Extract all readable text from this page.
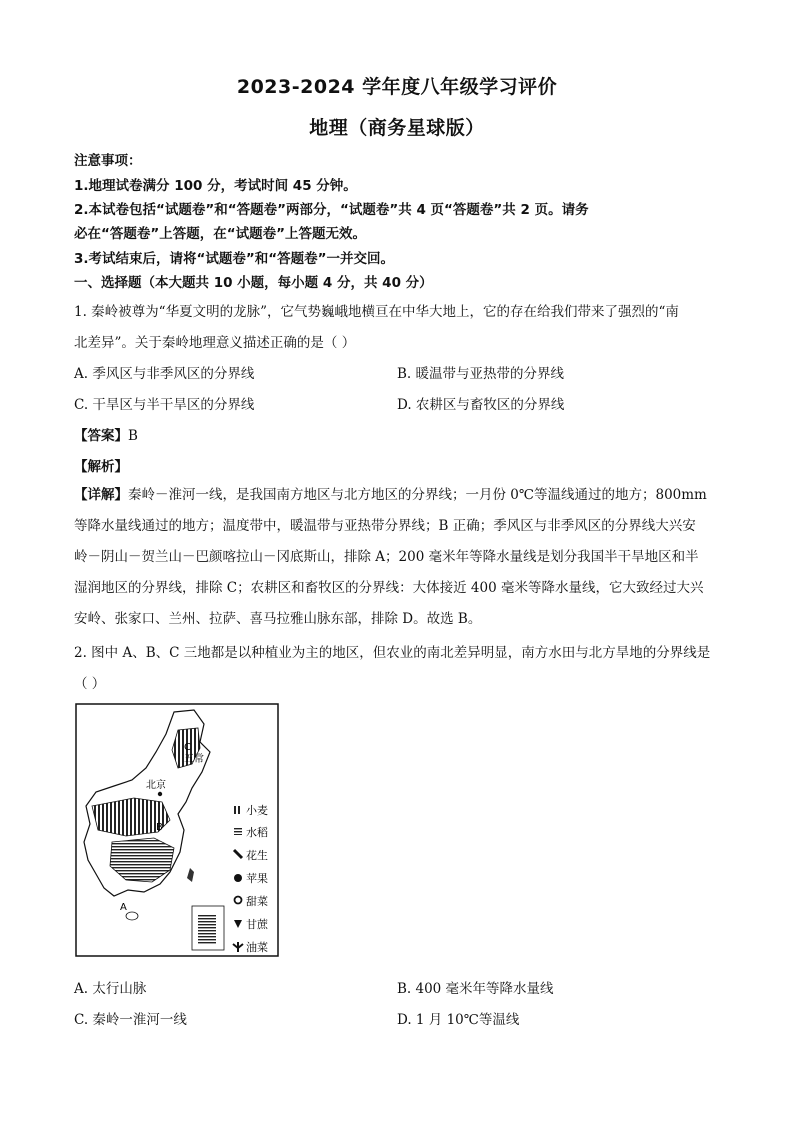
2023-2024 学年度八年级学习评价
地理（商务星球版）
注意事项：
1.地理试卷满分 100 分，考试时间 45 分钟。
2.本试卷包括“试题卷”和“答题卷”两部分，“试题卷”共 4 页“答题卷”共 2 页。请务
必在“答题卷”上答题，在“试题卷”上答题无效。
3.考试结束后，请将“试题卷”和“答题卷”一并交回。
一、选择题（本大题共 10 小题，每小题 4 分，共 40 分）
1. 秦岭被尊为“华夏文明的龙脉”，它气势巍峨地横亘在中华大地上，它的存在给我们带来了强烈的“南
北差异”。关于秦岭地理意义描述正确的是（ ）
A. 季风区与非季风区的分界线	B. 暖温带与亚热带的分界线
C. 干旱区与半干旱区的分界线	D. 农耕区与畜牧区的分界线
【答案】B
【解析】
【详解】秦岭－淮河一线，是我国南方地区与北方地区的分界线；一月份 0℃等温线通过的地方；800mm
等降水量线通过的地方；温度带中，暖温带与亚热带分界线；B 正确；季风区与非季风区的分界线大兴安
岭－阴山－贺兰山－巴颜喀拉山－冈底斯山，排除 A；200 毫米年等降水量线是划分我国半干旱地区和半
湿润地区的分界线，排除 C；农耕区和畜牧区的分界线：大体接近 400 毫米等降水量线，它大致经过大兴
安岭、张家口、兰州、拉萨、喜马拉雅山脉东部，排除 D。故选 B。
2. 图中 A、B、C 三地都是以种植业为主的地区，但农业的南北差异明显，南方水田与北方旱地的分界线是
（ ）
北京
C
五常
B
A
小麦
水稻
花生
苹果
甜菜
甘蔗
油菜
A. 太行山脉	B. 400 毫米年等降水量线
C. 秦岭一淮河一线	D. 1 月 10℃等温线
